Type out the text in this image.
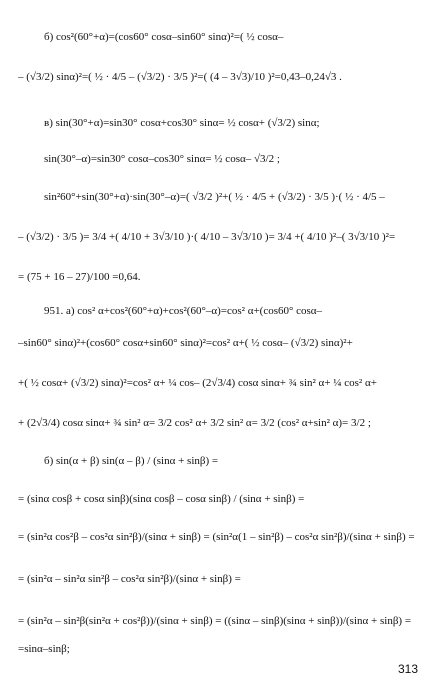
б) cos²(60°+α)=(cos60° cosα–sin60° sinα)²=( ½ cosα–
– (√3/2) sinα)²=( ½ · 4/5 – (√3/2) · 3/5 )²=( (4 – 3√3)/10 )²=0,43–0,24√3 .
в) sin(30°+α)=sin30° cosα+cos30° sinα= ½ cosα+ (√3/2) sinα;
sin(30°–α)=sin30° cosα–cos30° sinα= ½ cosα– √3/2 ;
sin²60°+sin(30°+α)·sin(30°–α)=( √3/2 )²+( ½ · 4/5 + (√3/2) · 3/5 )·( ½ · 4/5 –
– (√3/2) · 3/5 )= 3/4 +( 4/10 + 3√3/10 )·( 4/10 – 3√3/10 )= 3/4 +( 4/10 )²–( 3√3/10 )²=
= (75 + 16 – 27)/100 =0,64.
951. а) cos² α+cos²(60°+α)+cos²(60°–α)=cos² α+(cos60° cosα–
–sin60° sinα)²+(cos60° cosα+sin60° sinα)²=cos² α+( ½ cosα– (√3/2) sinα)²+
+( ½ cosα+ (√3/2) sinα)²=cos² α+ ¼ cos– (2√3/4) cosα sinα+ ¾ sin² α+ ¼ cos² α+
+ (2√3/4) cosα sinα+ ¾ sin² α= 3/2 cos² α+ 3/2 sin² α= 3/2 (cos² α+sin² α)= 3/2 ;
б) sin(α + β) sin(α – β) / (sinα + sinβ) =
= (sinα cosβ + cosα sinβ)(sinα cosβ – cosα sinβ) / (sinα + sinβ) =
= (sin²α cos²β – cos²α sin²β)/(sinα + sinβ) = (sin²α(1 – sin²β) – cos²α sin²β)/(sinα + sinβ) =
= (sin²α – sin²α sin²β – cos²α sin²β)/(sinα + sinβ) =
= (sin²α – sin²β(sin²α + cos²β))/(sinα + sinβ) = ((sinα – sinβ)(sinα + sinβ))/(sinα + sinβ) =
=sinα–sinβ;
313
